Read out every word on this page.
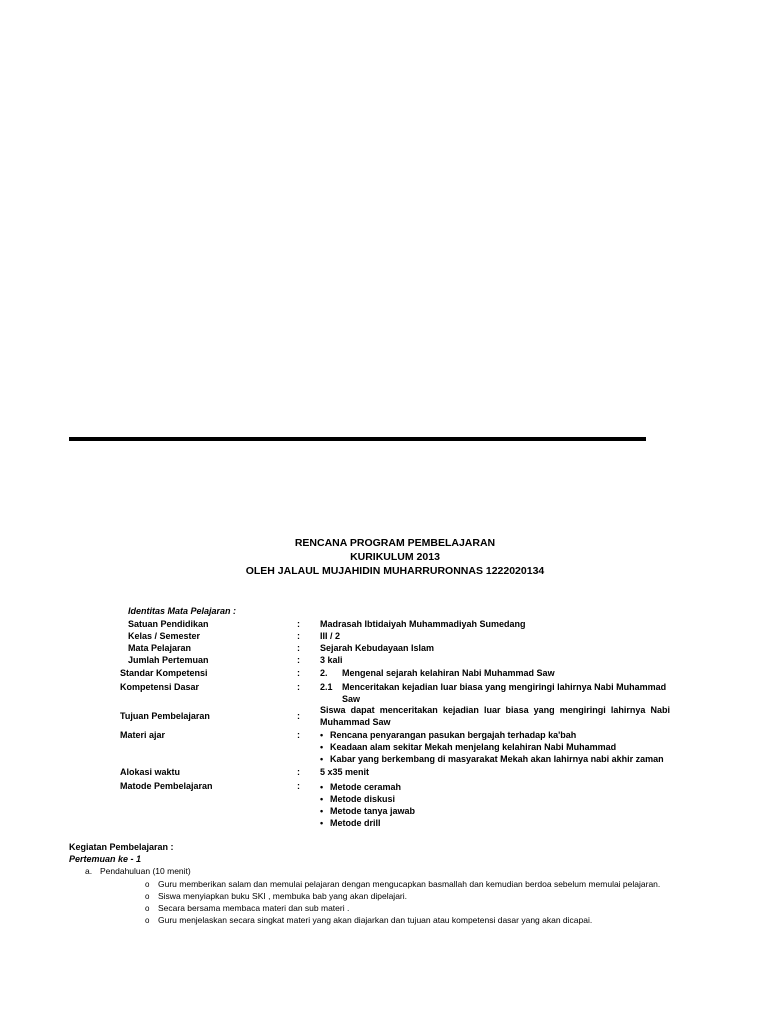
RENCANA PROGRAM PEMBELAJARAN
KURIKULUM 2013
OLEH JALAUL MUJAHIDIN MUHARRURONNAS 1222020134
Identitas Mata Pelajaran :
Satuan Pendidikan	: Madrasah Ibtidaiyah Muhammadiyah Sumedang
Kelas / Semester	: III / 2
Mata Pelajaran	: Sejarah Kebudayaan Islam
Jumlah Pertemuan	: 3 kali
Standar Kompetensi	: 2. Mengenal sejarah kelahiran Nabi Muhammad Saw
Kompetensi Dasar	: 2.1 Menceritakan kejadian luar biasa yang mengiringi lahirnya Nabi Muhammad
Saw
Tujuan Pembelajaran	:
Siswa dapat menceritakan kejadian luar biasa yang mengiringi lahirnya Nabi
Muhammad Saw
Materi ajar	:	• Rencana penyarangan pasukan bergajah terhadap ka'bah
• Keadaan alam sekitar Mekah menjelang kelahiran Nabi Muhammad
• Kabar yang berkembang di masyarakat Mekah akan lahirnya nabi akhir zaman
Alokasi waktu	: 5 x35 menit
Matode Pembelajaran	:	• Metode ceramah
• Metode diskusi
• Metode tanya jawab
• Metode drill
Kegiatan Pembelajaran :
Pertemuan ke - 1
a. Pendahuluan (10 menit)
o Guru memberikan salam dan memulai pelajaran dengan mengucapkan basmallah dan kemudian berdoa sebelum memulai pelajaran.
o Siswa menyiapkan buku SKI , membuka bab yang akan dipelajari.
o Secara bersama membaca materi dan sub materi .
o Guru menjelaskan secara singkat materi yang akan diajarkan dan tujuan atau kompetensi dasar yang akan dicapai.
